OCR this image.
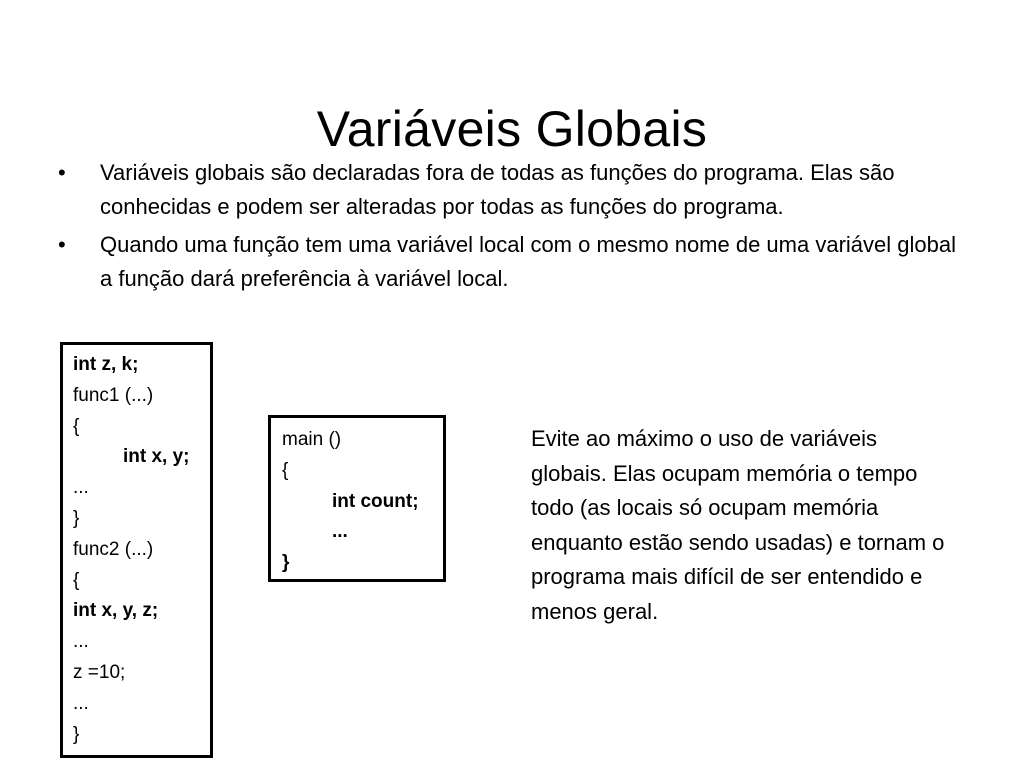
Variáveis Globais
•	Variáveis globais são declaradas fora de todas as funções do programa. Elas são conhecidas e podem ser alteradas por todas as funções do programa.
•	Quando uma função tem uma variável local com o mesmo nome de uma variável global a função dará preferência à variável local.
int z, k;
func1 (...)
{
int x, y;
...
}
func2 (...)
{
int x, y, z;
...
z =10;
...
}
main ()
{
int count;
...
}
Evite ao máximo o uso de variáveis globais. Elas ocupam memória o tempo todo (as locais só ocupam memória enquanto estão sendo usadas) e tornam o programa mais difícil de ser entendido e menos geral.
